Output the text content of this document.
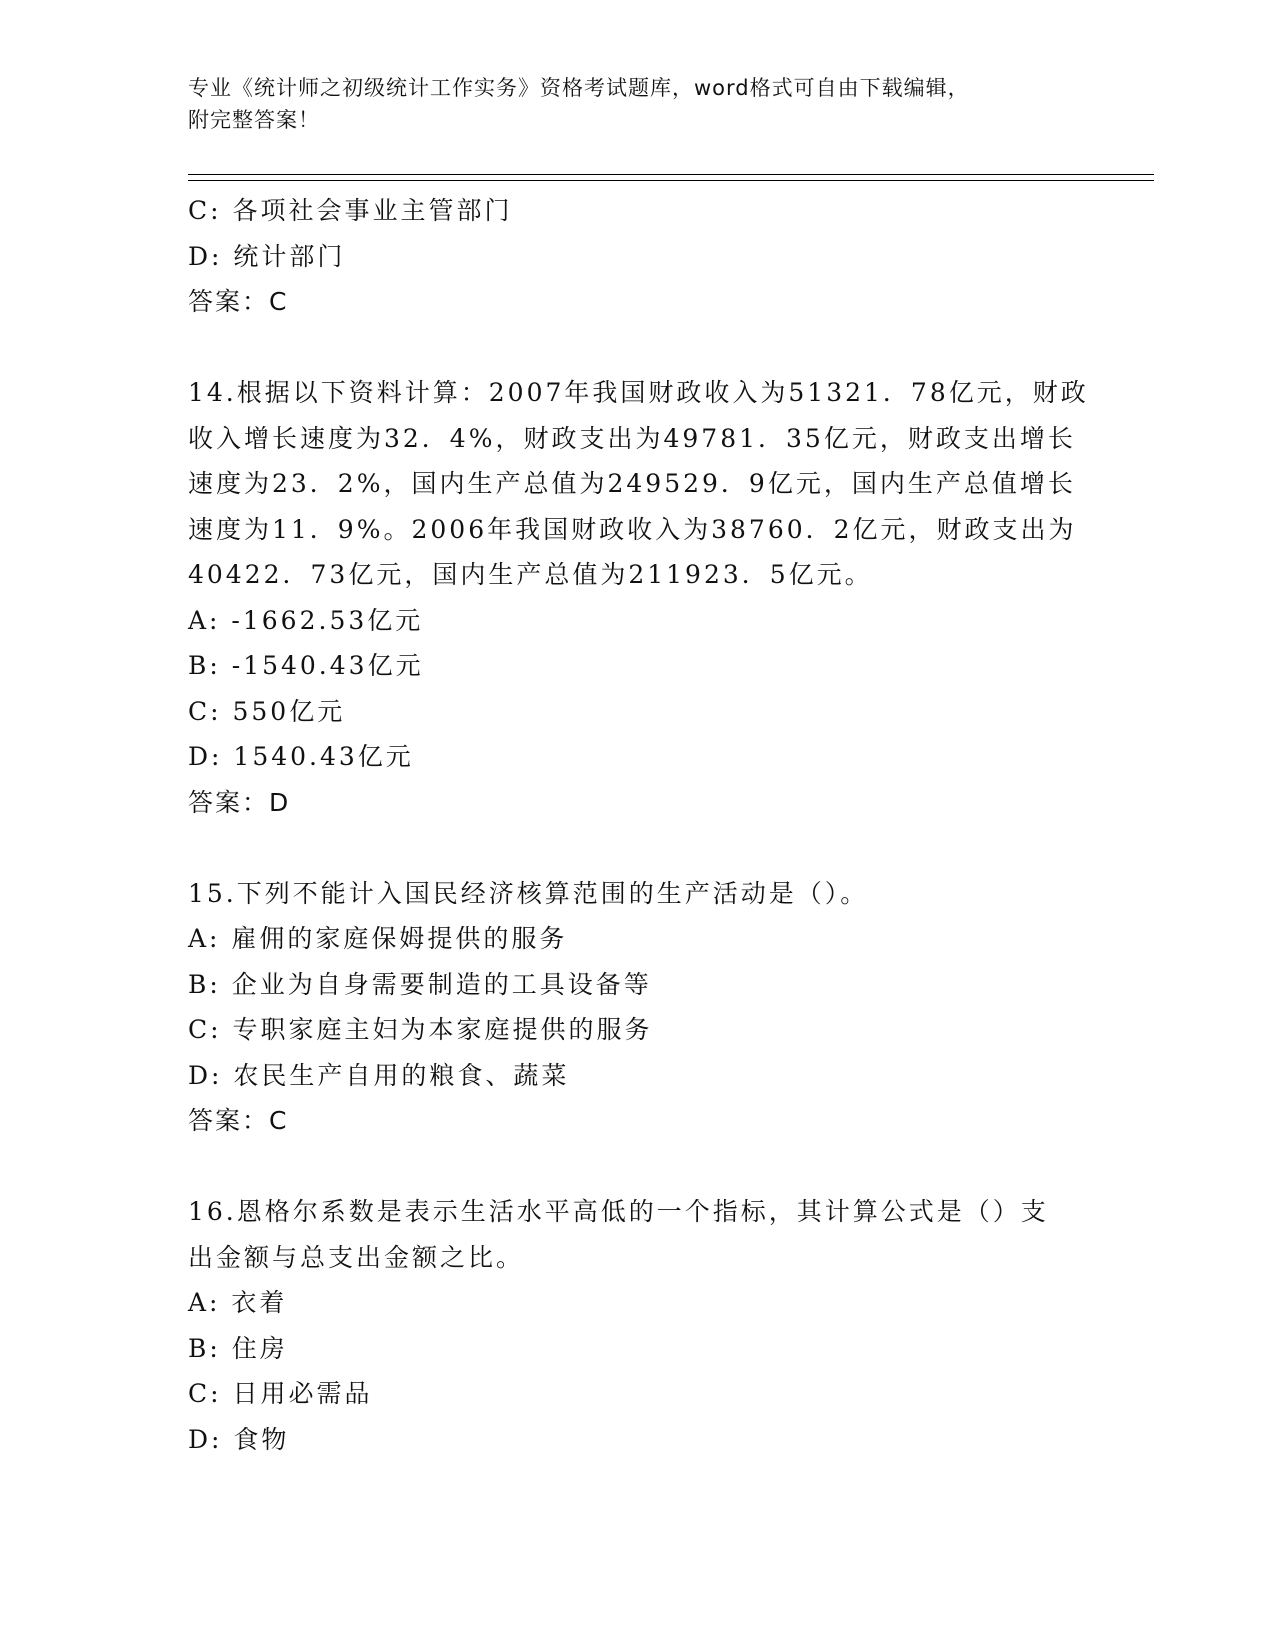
专业《统计师之初级统计工作实务》资格考试题库，word格式可自由下载编辑，
附完整答案！
C: 各项社会事业主管部门
D: 统计部门
答案：C
14.根据以下资料计算：2007年我国财政收入为51321．78亿元，财政
收入增长速度为32．4%，财政支出为49781．35亿元，财政支出增长
速度为23．2%，国内生产总值为249529．9亿元，国内生产总值增长
速度为11．9%。2006年我国财政收入为38760．2亿元，财政支出为
40422．73亿元，国内生产总值为211923．5亿元。
A: -1662.53亿元
B: -1540.43亿元
C: 550亿元
D: 1540.43亿元
答案：D
15.下列不能计入国民经济核算范围的生产活动是（）。
A: 雇佣的家庭保姆提供的服务
B: 企业为自身需要制造的工具设备等
C: 专职家庭主妇为本家庭提供的服务
D: 农民生产自用的粮食、蔬菜
答案：C
16.恩格尔系数是表示生活水平高低的一个指标，其计算公式是（）支
出金额与总支出金额之比。
A: 衣着
B: 住房
C: 日用必需品
D: 食物
